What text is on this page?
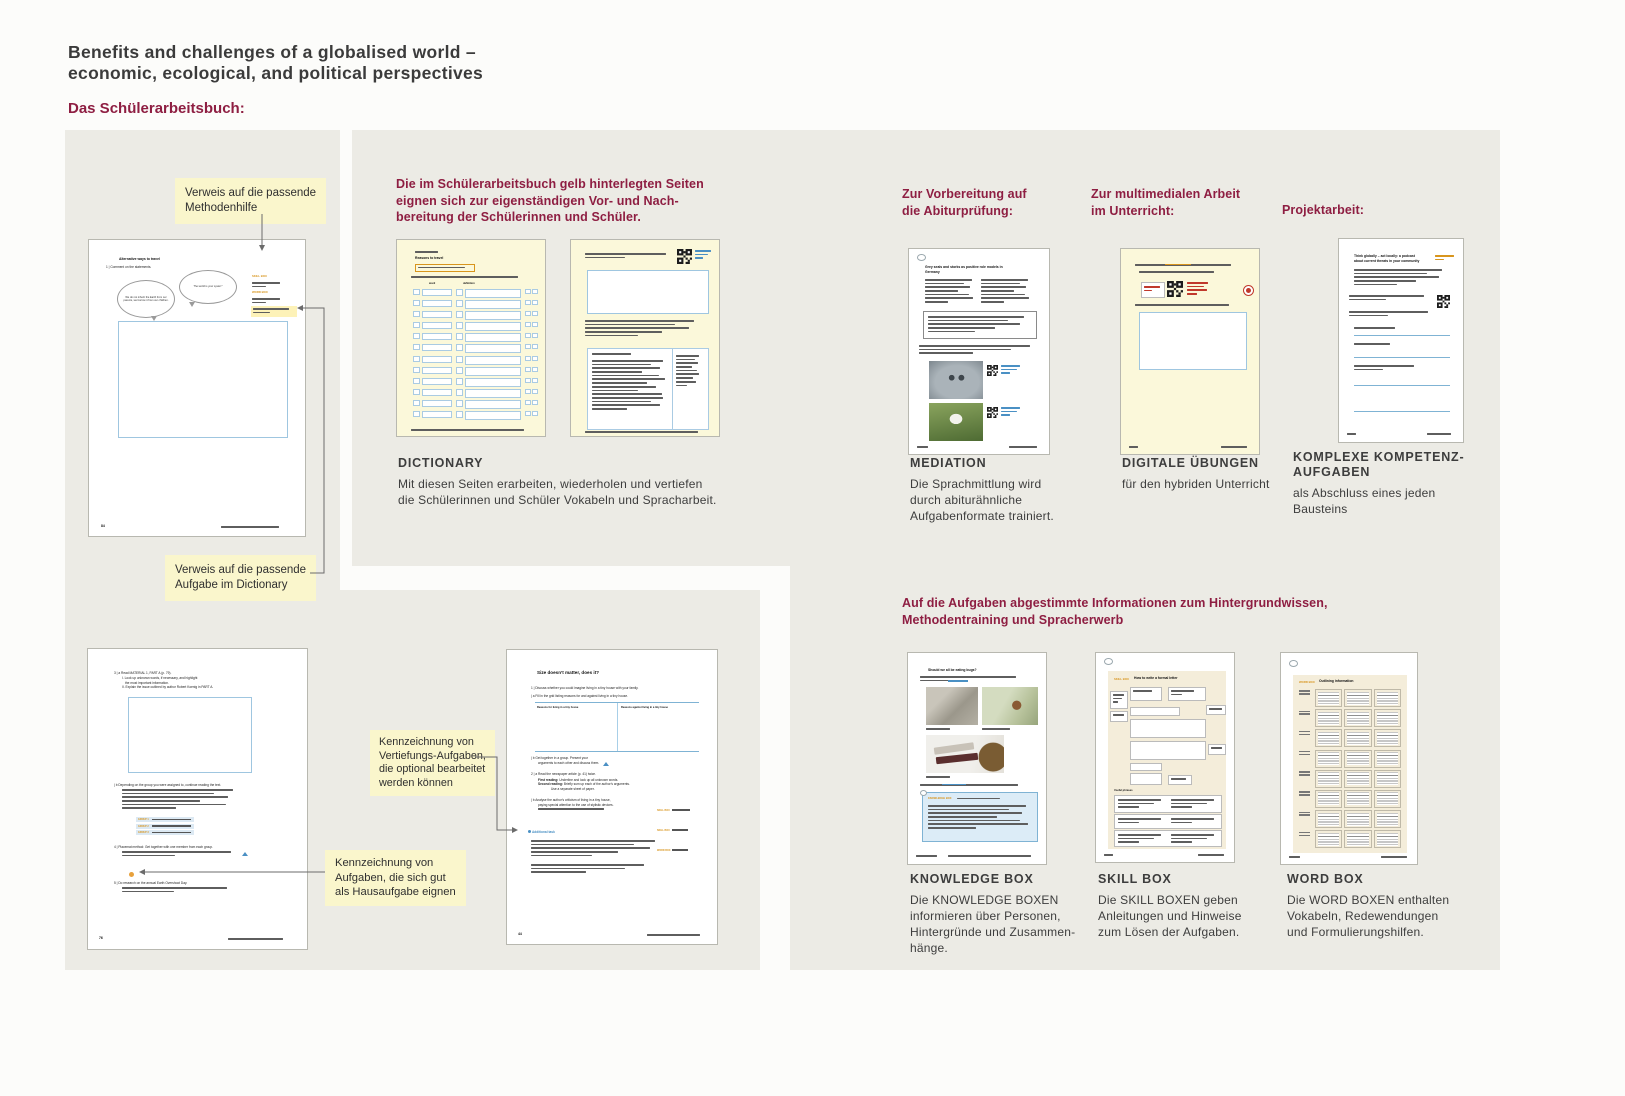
Benefits and challenges of a globalised world –
economic, ecological, and political perspectives
Das Schülerarbeitsbuch:
Verweis auf die passende
Methodenhilfe
Alternative ways to travel
1 | Comment on the statements.
We do not inherit the Earth from our parents, we borrow it from our children.
The world is your oyster.*
SKILL BOX
WORD BOX
84
Verweis auf die passende
Aufgabe im Dictionary
Die im Schülerarbeitsbuch gelb hinterlegten Seiten
eignen sich zur eigenständigen Vor- und Nach-
bereitung der Schülerinnen und Schüler.
Reasons to travel
word	definition
DICTIONARY
Mit diesen Seiten erarbeiten, wiederholen und vertiefen
die Schülerinnen und Schüler Vokabeln und Spracharbeit.
Zur Vorbereitung auf
die Abiturprüfung:
Zur multimedialen Arbeit
im Unterricht:	Projektarbeit:
Grey seals and storks as positive role models in Germany
MEDIATION
Die Sprachmittlung wird
durch abiturähnliche
Aufgabenformate trainiert.
DIGITALE ÜBUNGEN
für den hybriden Unterricht
Think globally – act locally: a podcast
about current threats in your community
KOMPLEXE KOMPETENZ-
AUFGABEN
als Abschluss eines jeden
Bausteins
Auf die Aufgaben abgestimmte Informationen zum Hintergrundwissen,
Methodentraining und Spracherwerb
Should we all be eating bugs?
KNOWLEDGE BOX
KNOWLEDGE BOX
Die KNOWLEDGE BOXEN
informieren über Personen,
Hintergründe und Zusammen-
hänge.
SKILL BOX How to write a formal letter
Useful phrases
SKILL BOX
Die SKILL BOXEN geben
Anleitungen und Hinweise
zum Lösen der Aufgaben.
WORD BOX Outlining information
WORD BOX
Die WORD BOXEN enthalten
Vokabeln, Redewendungen
und Formulierungshilfen.
3 | a Read MATERIAL 1, PART A (p. 79).
I. Look up unknown words, if necessary, and highlight
the most important information.
II. Explain the issue outlined by author Robert Koenig in PART A.
| b Depending on the group you were assigned to, continue reading the text.
GROUP 1
GROUP 2
GROUP 3
4 | Placemat method: Get together with one member from each group.
5 | Do research on the annual Earth Overshoot Day.
76
Kennzeichnung von
Vertiefungs-Aufgaben,
die optional bearbeitet
werden können
Kennzeichnung von
Aufgaben, die sich gut
als Hausaufgabe eignen
Size doesn’t matter, does it?
1 | Discuss whether you could imagine living in a tiny house with your family.
| a Fill in the grid listing reasons for and against living in a tiny house.
Reasons for living in a tiny house	Reasons against living in a tiny house
| b Get together in a group. Present your
arguments to each other and discuss them.
2 | a Read the newspaper article (p. 41) twice.
First reading: Underline and look up all unknown words.
Second reading: Briefly sum up each of the author’s arguments.
Use a separate sheet of paper.
| b Analyse the author’s criticism of living in a tiny house,
paying special attention to the use of stylistic devices.
SKILL BOX
SKILL BOX
WORD BOX
Additional task
44
